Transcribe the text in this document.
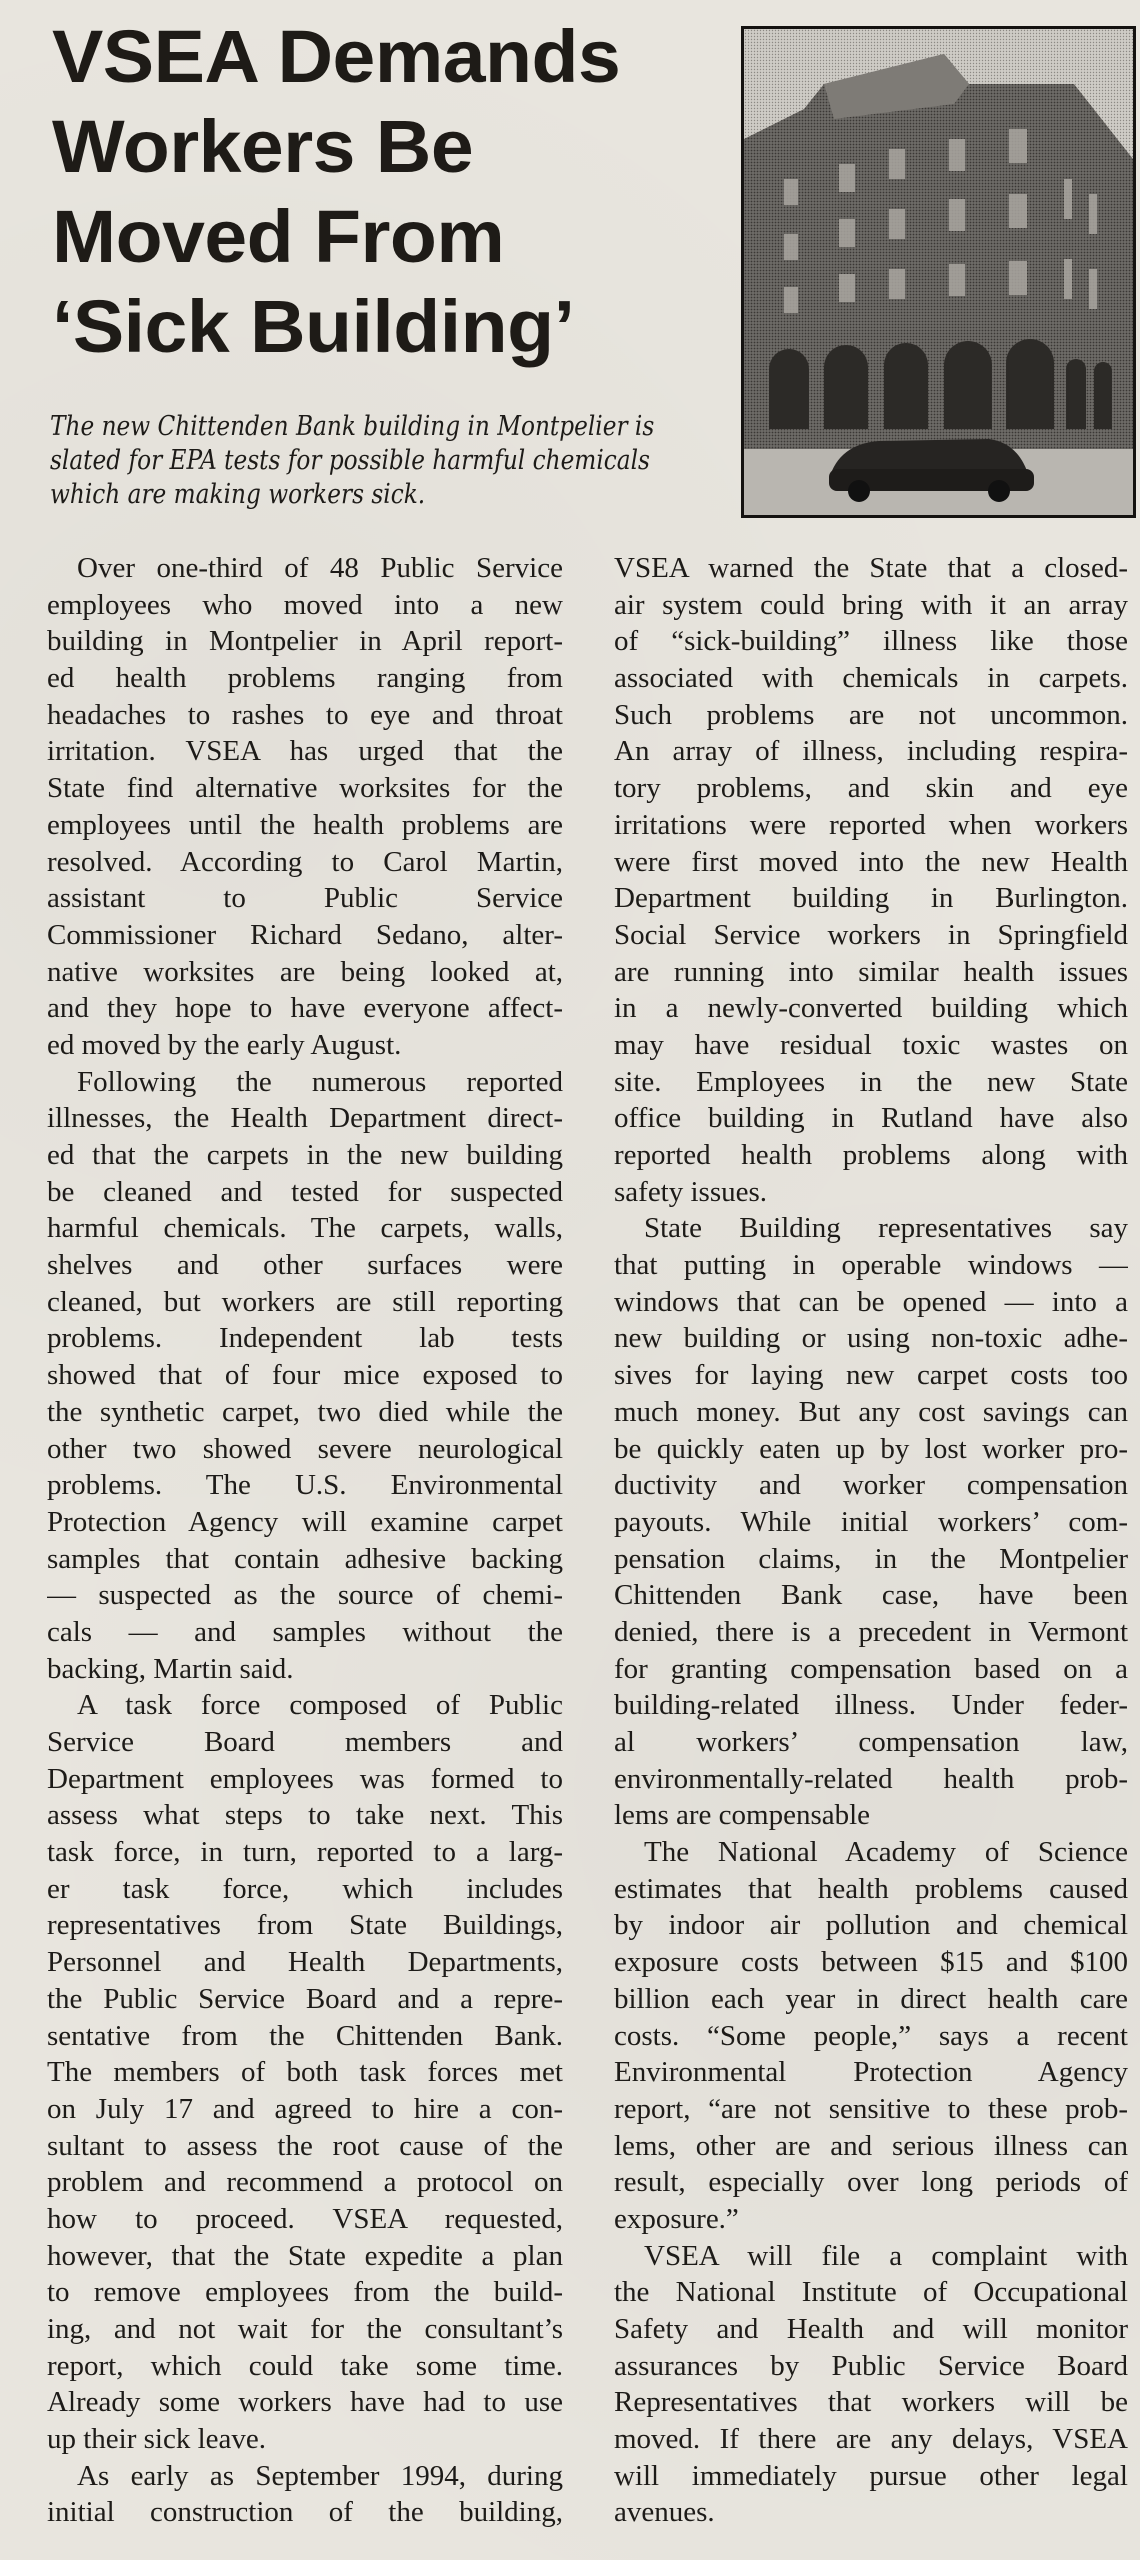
VSEA Demands
Workers Be
Moved From
‘Sick Building’

The new Chittenden Bank building in Montpelier is
slated for EPA tests for possible harmful chemicals
which are making workers sick.

Over one-third of 48 Public Service
employees who moved into a new
building in Montpelier in April report-
ed health problems ranging from
headaches to rashes to eye and throat
irritation. VSEA has urged that the
State find alternative worksites for the
employees until the health problems are
resolved. According to Carol Martin,
assistant to Public Service
Commissioner Richard Sedano, alter-
native worksites are being looked at,
and they hope to have everyone affect-
ed moved by the early August.
Following the numerous reported
illnesses, the Health Department direct-
ed that the carpets in the new building
be cleaned and tested for suspected
harmful chemicals. The carpets, walls,
shelves and other surfaces were
cleaned, but workers are still reporting
problems. Independent lab tests
showed that of four mice exposed to
the synthetic carpet, two died while the
other two showed severe neurological
problems. The U.S. Environmental
Protection Agency will examine carpet
samples that contain adhesive backing
— suspected as the source of chemi-
cals — and samples without the
backing, Martin said.
A task force composed of Public
Service Board members and
Department employees was formed to
assess what steps to take next. This
task force, in turn, reported to a larg-
er task force, which includes
representatives from State Buildings,
Personnel and Health Departments,
the Public Service Board and a repre-
sentative from the Chittenden Bank.
The members of both task forces met
on July 17 and agreed to hire a con-
sultant to assess the root cause of the
problem and recommend a protocol on
how to proceed. VSEA requested,
however, that the State expedite a plan
to remove employees from the build-
ing, and not wait for the consultant’s
report, which could take some time.
Already some workers have had to use
up their sick leave.
As early as September 1994, during
initial construction of the building,
VSEA warned the State that a closed-
air system could bring with it an array
of “sick-building” illness like those
associated with chemicals in carpets.
Such problems are not uncommon.
An array of illness, including respira-
tory problems, and skin and eye
irritations were reported when workers
were first moved into the new Health
Department building in Burlington.
Social Service workers in Springfield
are running into similar health issues
in a newly-converted building which
may have residual toxic wastes on
site. Employees in the new State
office building in Rutland have also
reported health problems along with
safety issues.
State Building representatives say
that putting in operable windows —
windows that can be opened — into a
new building or using non-toxic adhe-
sives for laying new carpet costs too
much money. But any cost savings can
be quickly eaten up by lost worker pro-
ductivity and worker compensation
payouts. While initial workers’ com-
pensation claims, in the Montpelier
Chittenden Bank case, have been
denied, there is a precedent in Vermont
for granting compensation based on a
building-related illness. Under feder-
al workers’ compensation law,
environmentally-related health prob-
lems are compensable
The National Academy of Science
estimates that health problems caused
by indoor air pollution and chemical
exposure costs between $15 and $100
billion each year in direct health care
costs. “Some people,” says a recent
Environmental Protection Agency
report, “are not sensitive to these prob-
lems, other are and serious illness can
result, especially over long periods of
exposure.”
VSEA will file a complaint with
the National Institute of Occupational
Safety and Health and will monitor
assurances by Public Service Board
Representatives that workers will be
moved. If there are any delays, VSEA
will immediately pursue other legal
avenues.
